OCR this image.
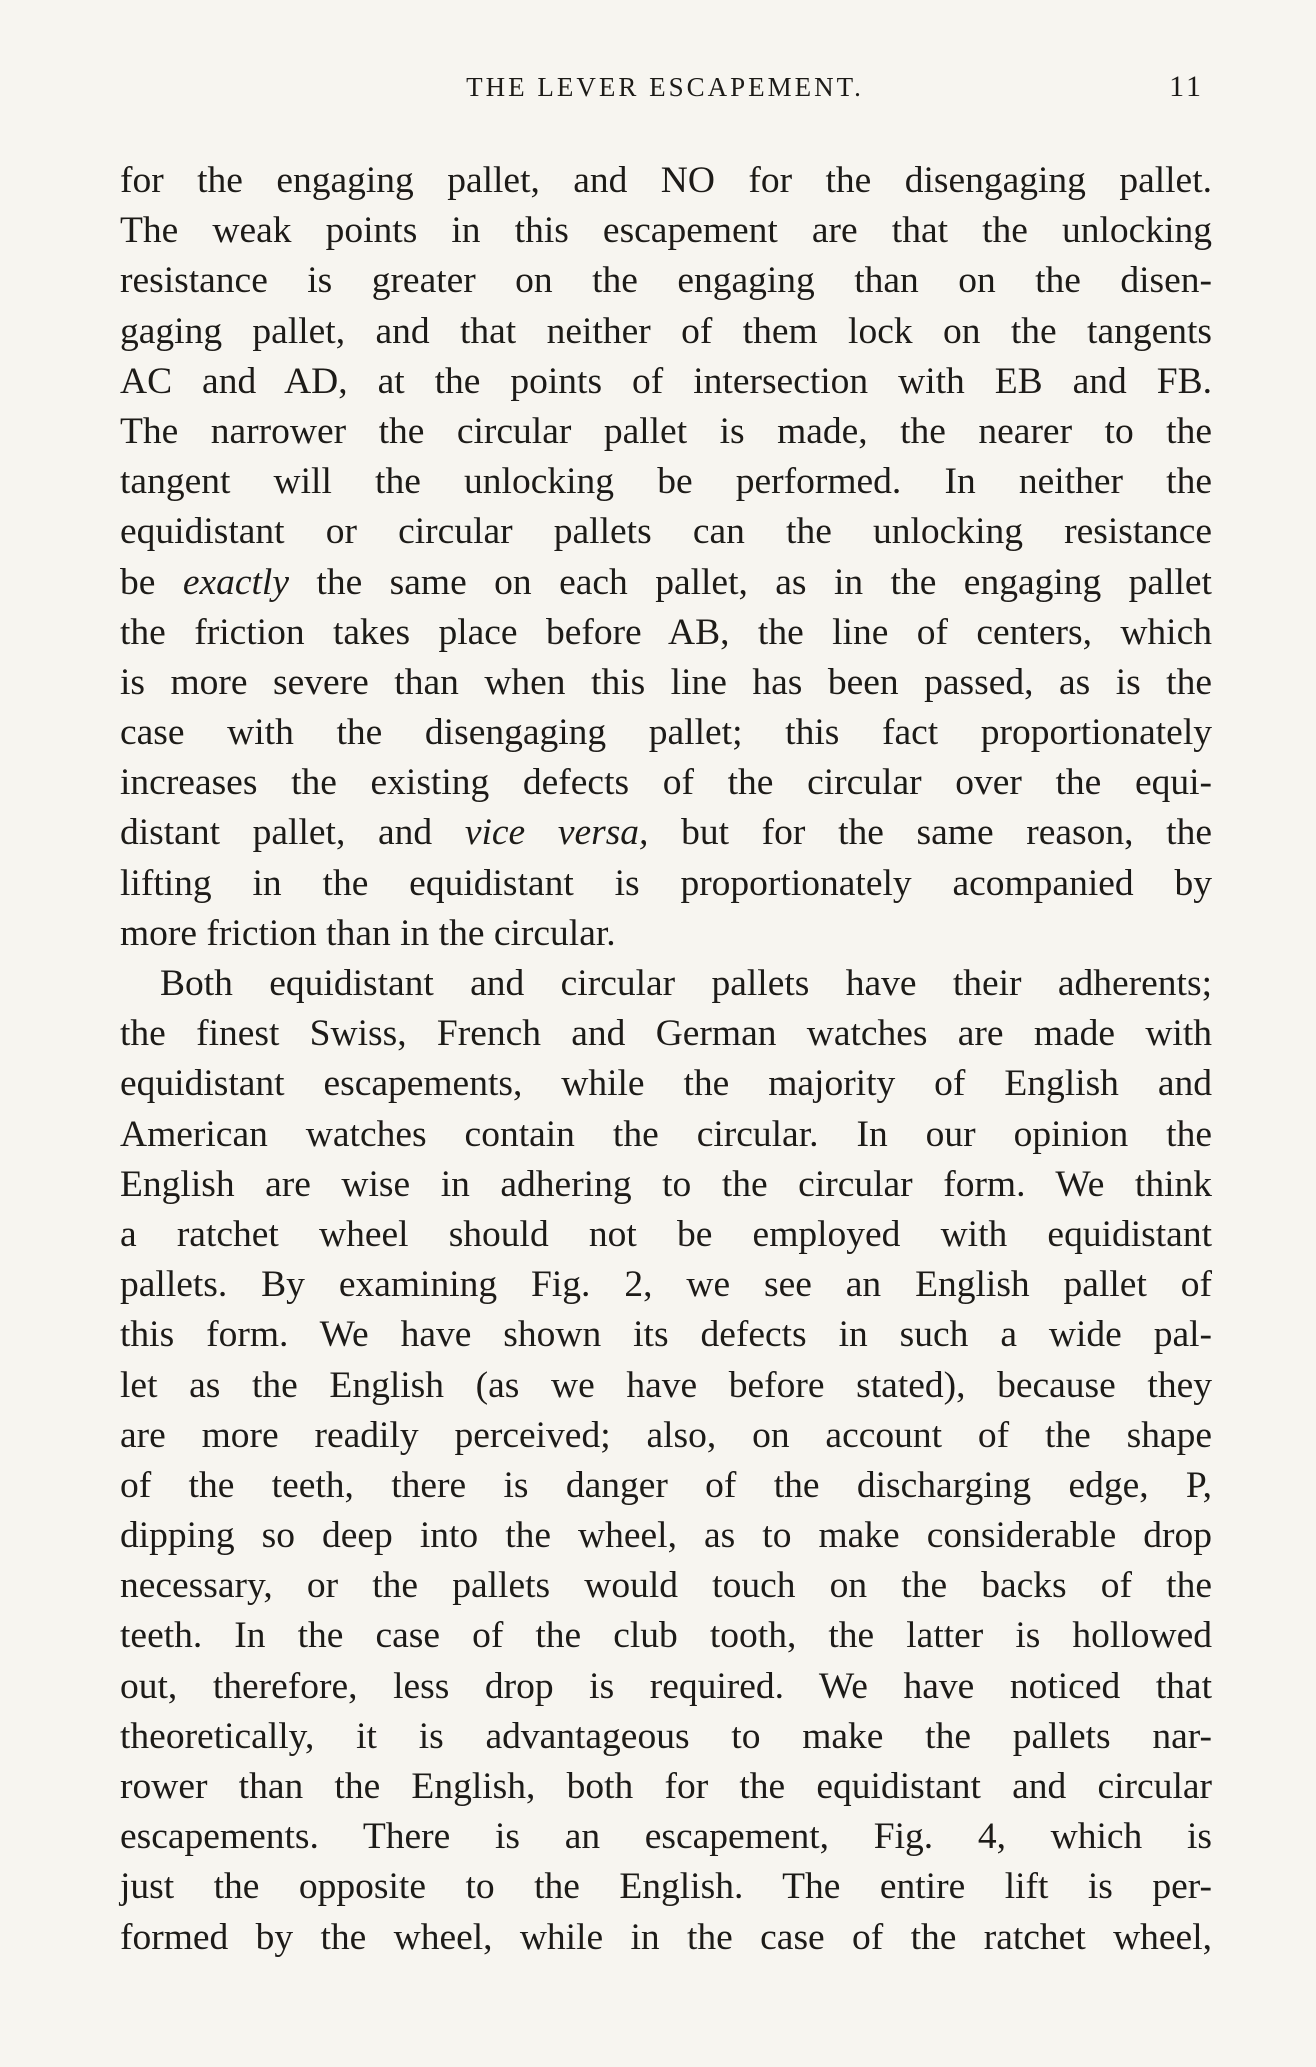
THE LEVER ESCAPEMENT.	11
for the engaging pallet, and NO for the disengaging pallet.
The weak points in this escapement are that the unlocking
resistance is greater on the engaging than on the disen-
gaging pallet, and that neither of them lock on the tangents
AC and AD, at the points of intersection with EB and FB.
The narrower the circular pallet is made, the nearer to the
tangent will the unlocking be performed. In neither the
equidistant or circular pallets can the unlocking resistance
be exactly the same on each pallet, as in the engaging pallet
the friction takes place before AB, the line of centers, which
is more severe than when this line has been passed, as is the
case with the disengaging pallet; this fact proportionately
increases the existing defects of the circular over the equi-
distant pallet, and vice versa, but for the same reason, the
lifting in the equidistant is proportionately acompanied by
more friction than in the circular.
Both equidistant and circular pallets have their adherents;
the finest Swiss, French and German watches are made with
equidistant escapements, while the majority of English and
American watches contain the circular. In our opinion the
English are wise in adhering to the circular form. We think
a ratchet wheel should not be employed with equidistant
pallets. By examining Fig. 2, we see an English pallet of
this form. We have shown its defects in such a wide pal-
let as the English (as we have before stated), because they
are more readily perceived; also, on account of the shape
of the teeth, there is danger of the discharging edge, P,
dipping so deep into the wheel, as to make considerable drop
necessary, or the pallets would touch on the backs of the
teeth. In the case of the club tooth, the latter is hollowed
out, therefore, less drop is required. We have noticed that
theoretically, it is advantageous to make the pallets nar-
rower than the English, both for the equidistant and circular
escapements. There is an escapement, Fig. 4, which is
just the opposite to the English. The entire lift is per-
formed by the wheel, while in the case of the ratchet wheel,
